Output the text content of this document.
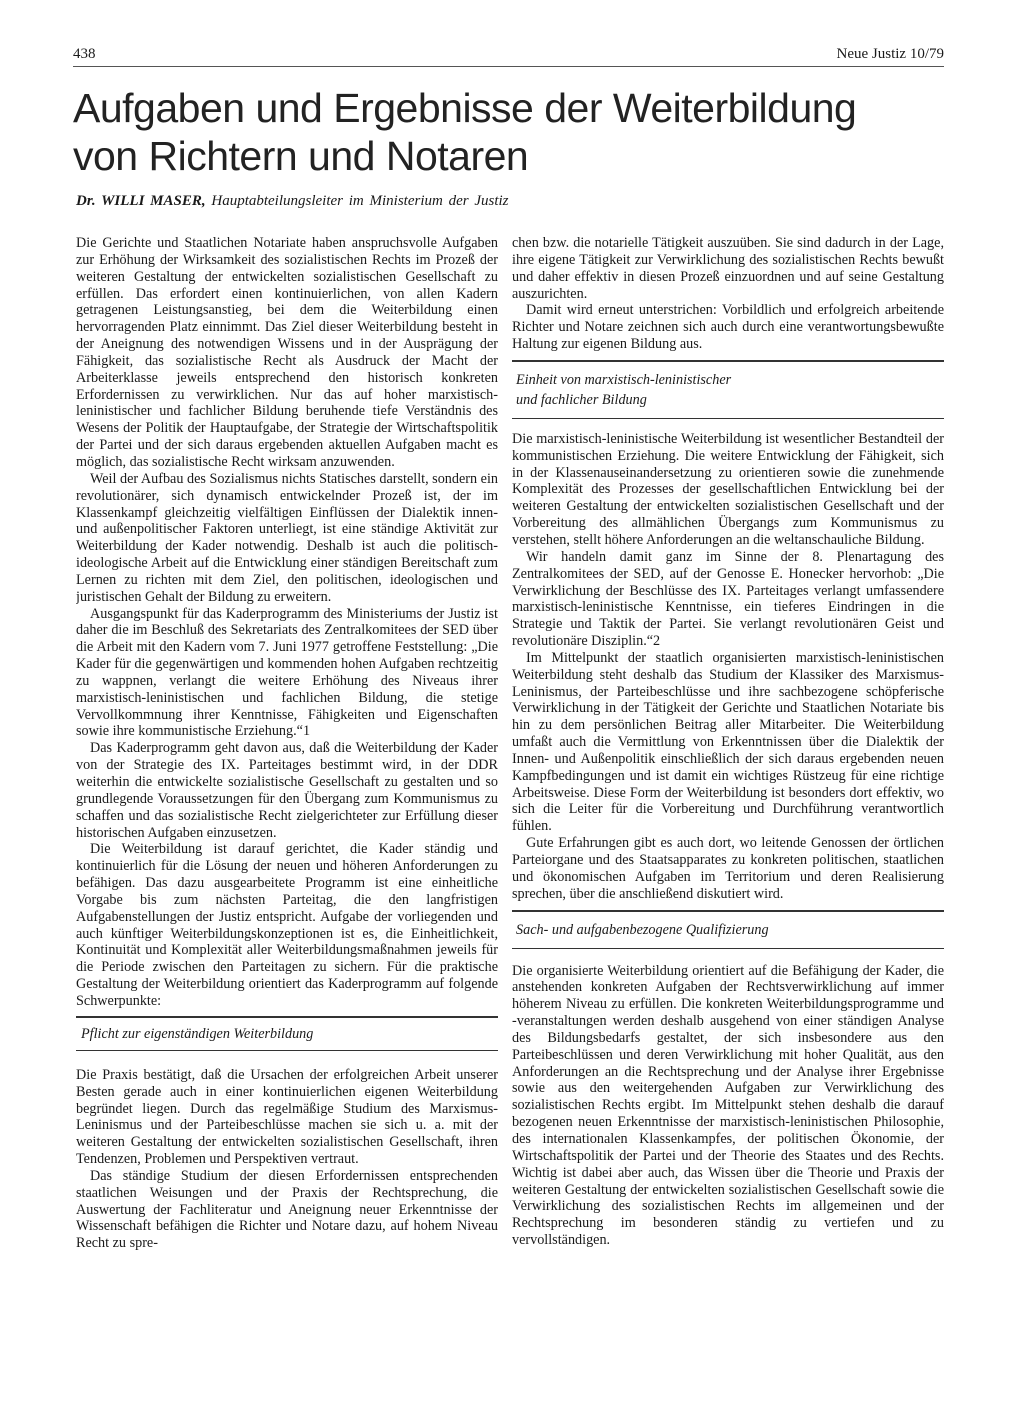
438	Neue Justiz 10/79
Aufgaben und Ergebnisse der Weiterbildung
von Richtern und Notaren
Dr. WILLI MASER, Hauptabteilungsleiter im Ministerium der Justiz

Die Gerichte und Staatlichen Notariate haben anspruchsvolle Aufgaben zur Erhöhung der Wirksamkeit des sozialistischen Rechts im Prozeß der weiteren Gestaltung der entwickelten sozialistischen Gesellschaft zu erfüllen. Das erfordert einen kontinuierlichen, von allen Kadern getragenen Leistungsanstieg, bei dem die Weiterbildung einen hervorragenden Platz einnimmt. Das Ziel dieser Weiterbildung besteht in der Aneignung des notwendigen Wissens und in der Ausprägung der Fähigkeit, das sozialistische Recht als Ausdruck der Macht der Arbeiterklasse jeweils entsprechend den historisch konkreten Erfordernissen zu verwirklichen. Nur das auf hoher marxistisch-leninistischer und fachlicher Bildung beruhende tiefe Verständnis des Wesens der Politik der Hauptaufgabe, der Strategie der Wirtschaftspolitik der Partei und der sich daraus ergebenden aktuellen Aufgaben macht es möglich, das sozialistische Recht wirksam anzuwenden.

Weil der Aufbau des Sozialismus nichts Statisches darstellt, sondern ein revolutionärer, sich dynamisch entwickelnder Prozeß ist, der im Klassenkampf gleichzeitig vielfältigen Einflüssen der Dialektik innen- und außenpolitischer Faktoren unterliegt, ist eine ständige Aktivität zur Weiterbildung der Kader notwendig. Deshalb ist auch die politisch-ideologische Arbeit auf die Entwicklung einer ständigen Bereitschaft zum Lernen zu richten mit dem Ziel, den politischen, ideologischen und juristischen Gehalt der Bildung zu erweitern.

Ausgangspunkt für das Kaderprogramm des Ministeriums der Justiz ist daher die im Beschluß des Sekretariats des Zentralkomitees der SED über die Arbeit mit den Kadern vom 7. Juni 1977 getroffene Feststellung: „Die Kader für die gegenwärtigen und kommenden hohen Aufgaben rechtzeitig zu wappnen, verlangt die weitere Erhöhung des Niveaus ihrer marxistisch-leninistischen und fachlichen Bildung, die stetige Vervollkommnung ihrer Kenntnisse, Fähigkeiten und Eigenschaften sowie ihre kommunistische Erziehung.“1

Das Kaderprogramm geht davon aus, daß die Weiterbildung der Kader von der Strategie des IX. Parteitages bestimmt wird, in der DDR weiterhin die entwickelte sozialistische Gesellschaft zu gestalten und so grundlegende Voraussetzungen für den Übergang zum Kommunismus zu schaffen und das sozialistische Recht zielgerichteter zur Erfüllung dieser historischen Aufgaben einzusetzen.

Die Weiterbildung ist darauf gerichtet, die Kader ständig und kontinuierlich für die Lösung der neuen und höheren Anforderungen zu befähigen. Das dazu ausgearbeitete Programm ist eine einheitliche Vorgabe bis zum nächsten Parteitag, die den langfristigen Aufgabenstellungen der Justiz entspricht. Aufgabe der vorliegenden und auch künftiger Weiterbildungskonzeptionen ist es, die Einheitlichkeit, Kontinuität und Komplexität aller Weiterbildungsmaßnahmen jeweils für die Periode zwischen den Parteitagen zu sichern. Für die praktische Gestaltung der Weiterbildung orientiert das Kaderprogramm auf folgende Schwerpunkte:

Pflicht zur eigenständigen Weiterbildung

Die Praxis bestätigt, daß die Ursachen der erfolgreichen Arbeit unserer Besten gerade auch in einer kontinuierlichen eigenen Weiterbildung begründet liegen. Durch das regelmäßige Studium des Marxismus-Leninismus und der Parteibeschlüsse machen sie sich u. a. mit der weiteren Gestaltung der entwickelten sozialistischen Gesellschaft, ihren Tendenzen, Problemen und Perspektiven vertraut.

Das ständige Studium der diesen Erfordernissen entsprechenden staatlichen Weisungen und der Praxis der Rechtsprechung, die Auswertung der Fachliteratur und Aneignung neuer Erkenntnisse der Wissenschaft befähigen die Richter und Notare dazu, auf hohem Niveau Recht zu spre-

chen bzw. die notarielle Tätigkeit auszuüben. Sie sind dadurch in der Lage, ihre eigene Tätigkeit zur Verwirklichung des sozialistischen Rechts bewußt und daher effektiv in diesen Prozeß einzuordnen und auf seine Gestaltung auszurichten.

Damit wird erneut unterstrichen: Vorbildlich und erfolgreich arbeitende Richter und Notare zeichnen sich auch durch eine verantwortungsbewußte Haltung zur eigenen Bildung aus.

Einheit von marxistisch-leninistischer
und fachlicher Bildung

Die marxistisch-leninistische Weiterbildung ist wesentlicher Bestandteil der kommunistischen Erziehung. Die weitere Entwicklung der Fähigkeit, sich in der Klassenauseinandersetzung zu orientieren sowie die zunehmende Komplexität des Prozesses der gesellschaftlichen Entwicklung bei der weiteren Gestaltung der entwickelten sozialistischen Gesellschaft und der Vorbereitung des allmählichen Übergangs zum Kommunismus zu verstehen, stellt höhere Anforderungen an die weltanschauliche Bildung.

Wir handeln damit ganz im Sinne der 8. Plenartagung des Zentralkomitees der SED, auf der Genosse E. Honecker hervorhob: „Die Verwirklichung der Beschlüsse des IX. Parteitages verlangt umfassendere marxistisch-leninistische Kenntnisse, ein tieferes Eindringen in die Strategie und Taktik der Partei. Sie verlangt revolutionären Geist und revolutionäre Disziplin.“2

Im Mittelpunkt der staatlich organisierten marxistisch-leninistischen Weiterbildung steht deshalb das Studium der Klassiker des Marxismus-Leninismus, der Parteibeschlüsse und ihre sachbezogene schöpferische Verwirklichung in der Tätigkeit der Gerichte und Staatlichen Notariate bis hin zu dem persönlichen Beitrag aller Mitarbeiter. Die Weiterbildung umfaßt auch die Vermittlung von Erkenntnissen über die Dialektik der Innen- und Außenpolitik einschließlich der sich daraus ergebenden neuen Kampfbedingungen und ist damit ein wichtiges Rüstzeug für eine richtige Arbeitsweise. Diese Form der Weiterbildung ist besonders dort effektiv, wo sich die Leiter für die Vorbereitung und Durchführung verantwortlich fühlen.

Gute Erfahrungen gibt es auch dort, wo leitende Genossen der örtlichen Parteiorgane und des Staatsapparates zu konkreten politischen, staatlichen und ökonomischen Aufgaben im Territorium und deren Realisierung sprechen, über die anschließend diskutiert wird.

Sach- und aufgabenbezogene Qualifizierung

Die organisierte Weiterbildung orientiert auf die Befähigung der Kader, die anstehenden konkreten Aufgaben der Rechtsverwirklichung auf immer höherem Niveau zu erfüllen. Die konkreten Weiterbildungsprogramme und -veranstaltungen werden deshalb ausgehend von einer ständigen Analyse des Bildungsbedarfs gestaltet, der sich insbesondere aus den Parteibeschlüssen und deren Verwirklichung mit hoher Qualität, aus den Anforderungen an die Rechtsprechung und der Analyse ihrer Ergebnisse sowie aus den weitergehenden Aufgaben zur Verwirklichung des sozialistischen Rechts ergibt. Im Mittelpunkt stehen deshalb die darauf bezogenen neuen Erkenntnisse der marxistisch-leninistischen Philosophie, des internationalen Klassenkampfes, der politischen Ökonomie, der Wirtschaftspolitik der Partei und der Theorie des Staates und des Rechts. Wichtig ist dabei aber auch, das Wissen über die Theorie und Praxis der weiteren Gestaltung der entwickelten sozialistischen Gesellschaft sowie die Verwirklichung des sozialistischen Rechts im allgemeinen und der Rechtsprechung im besonderen ständig zu vertiefen und zu vervollständigen.
